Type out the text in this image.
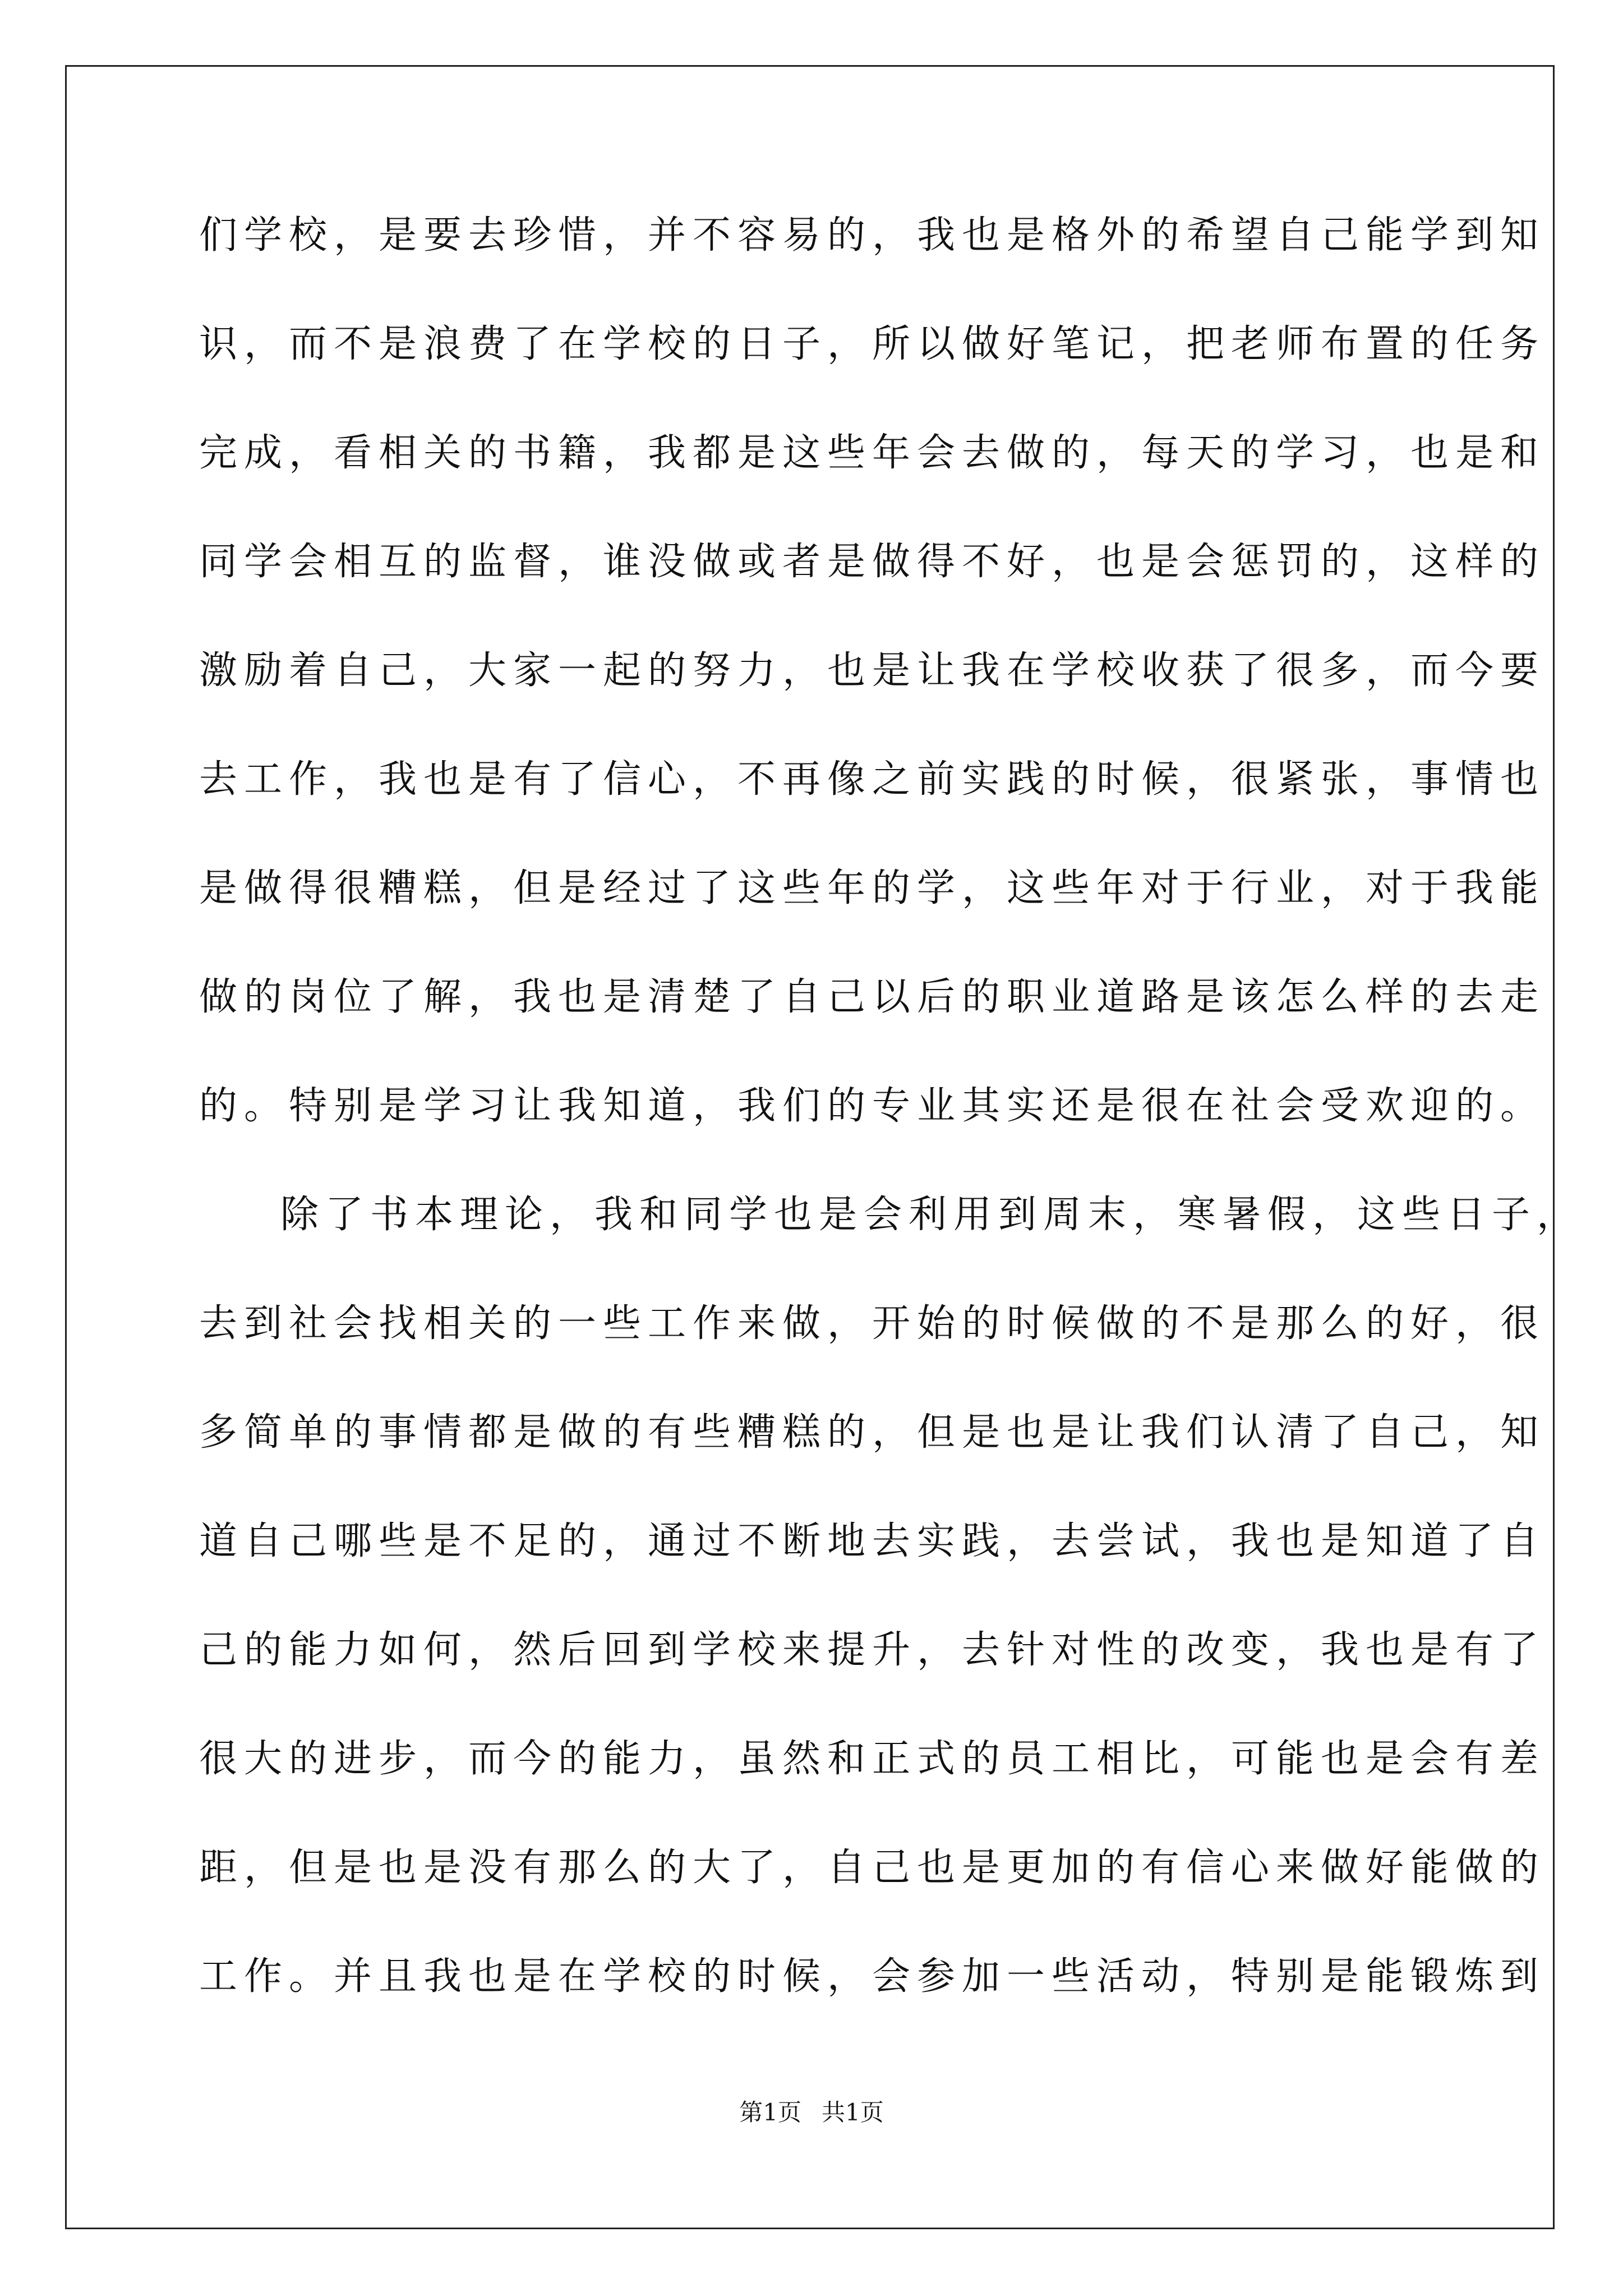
们学校，是要去珍惜，并不容易的，我也是格外的希望自己能学到知
识，而不是浪费了在学校的日子，所以做好笔记，把老师布置的任务
完成，看相关的书籍，我都是这些年会去做的，每天的学习，也是和
同学会相互的监督，谁没做或者是做得不好，也是会惩罚的，这样的
激励着自己，大家一起的努力，也是让我在学校收获了很多，而今要
去工作，我也是有了信心，不再像之前实践的时候，很紧张，事情也
是做得很糟糕，但是经过了这些年的学，这些年对于行业，对于我能
做的岗位了解，我也是清楚了自己以后的职业道路是该怎么样的去走
的。特别是学习让我知道，我们的专业其实还是很在社会受欢迎的。
除了书本理论，我和同学也是会利用到周末，寒暑假，这些日子，
去到社会找相关的一些工作来做，开始的时候做的不是那么的好，很
多简单的事情都是做的有些糟糕的，但是也是让我们认清了自己，知
道自己哪些是不足的，通过不断地去实践，去尝试，我也是知道了自
己的能力如何，然后回到学校来提升，去针对性的改变，我也是有了
很大的进步，而今的能力，虽然和正式的员工相比，可能也是会有差
距，但是也是没有那么的大了，自己也是更加的有信心来做好能做的
工作。并且我也是在学校的时候，会参加一些活动，特别是能锻炼到
第1页 共1页
